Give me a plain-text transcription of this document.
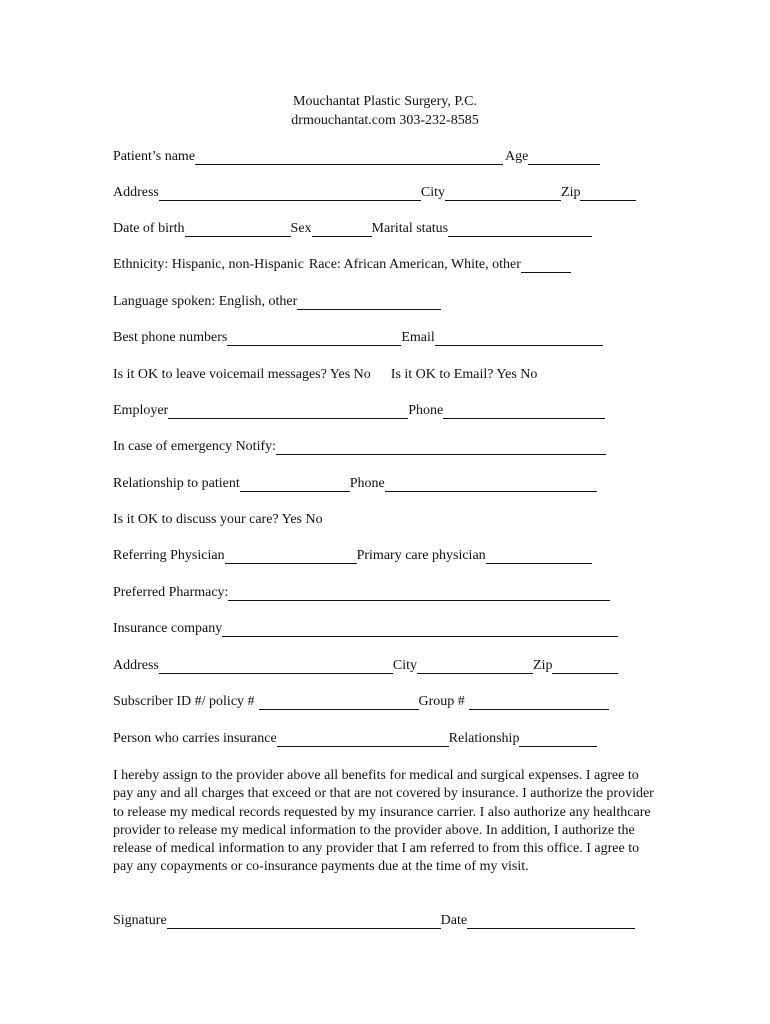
Mouchantat Plastic Surgery, P.C.
drmouchantat.com 303-232-8585
Patient’s name	Age
Address	City	Zip
Date of birth	Sex	Marital status
Ethnicity: Hispanic, non-Hispanic Race: African American, White, other
Language spoken: English, other
Best phone numbers	Email
Is it OK to leave voicemail messages? Yes No Is it OK to Email? Yes No
Employer	Phone
In case of emergency Notify:
Relationship to patient	Phone
Is it OK to discuss your care? Yes No
Referring Physician	Primary care physician
Preferred Pharmacy:
Insurance company
Address	City	Zip
Subscriber ID #/ policy #	Group #
Person who carries insurance	Relationship

I hereby assign to the provider above all benefits for medical and surgical expenses. I agree to pay any and all charges that exceed or that are not covered by insurance. I authorize the provider to release my medical records requested by my insurance carrier. I also authorize any healthcare provider to release my medical information to the provider above. In addition, I authorize the release of medical information to any provider that I am referred to from this office. I agree to pay any copayments or co-insurance payments due at the time of my visit.

Signature	Date
